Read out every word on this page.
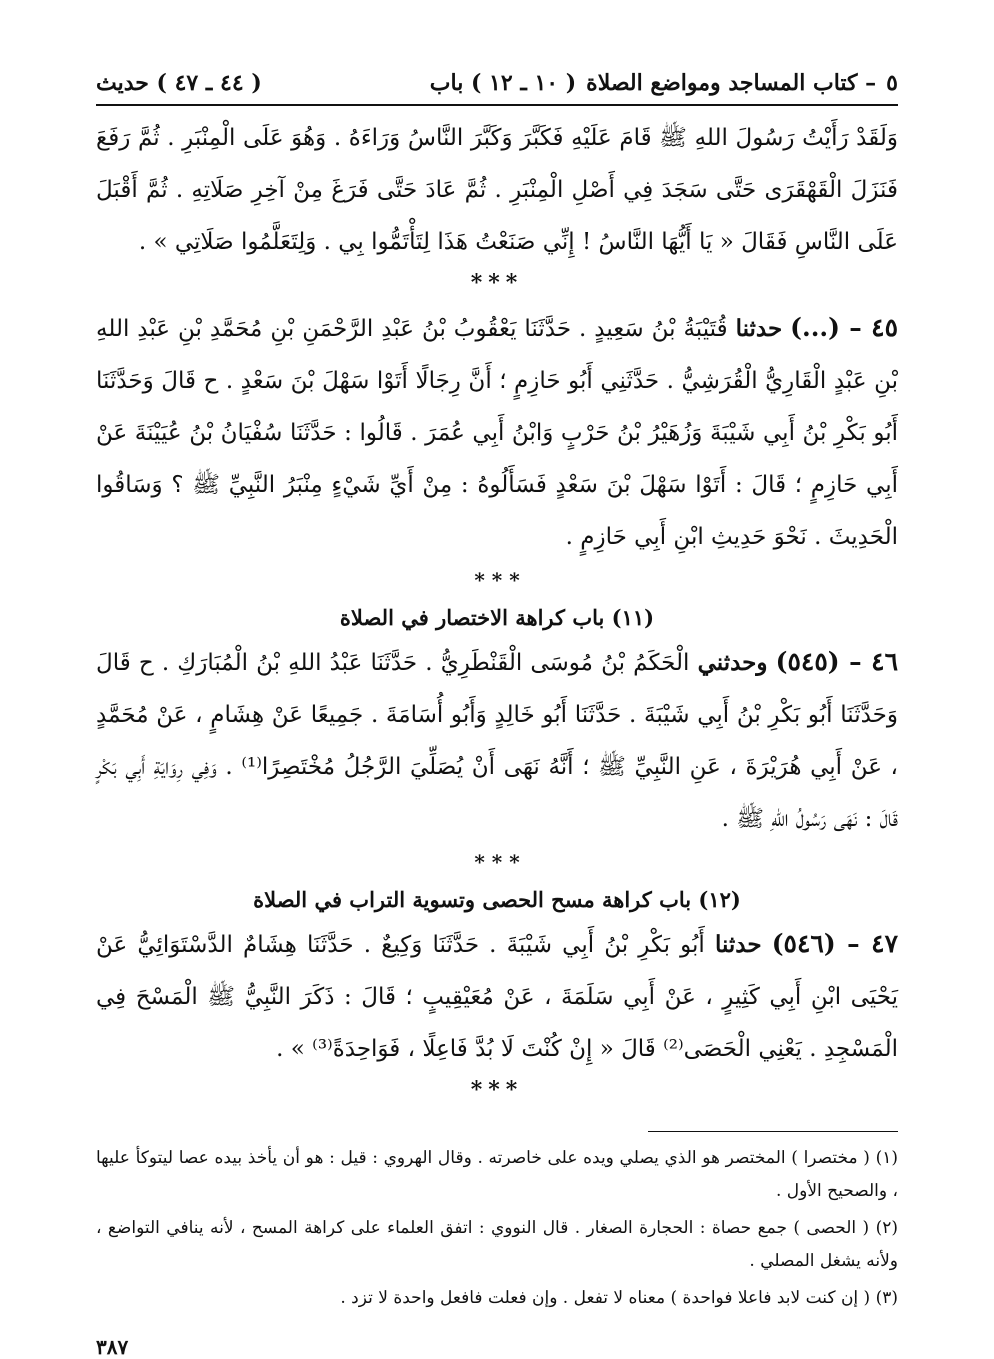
٥
– كتاب المساجد ومواضع الصلاة
( ١٠ ـ ١٢ ) باب
( ٤٤ ـ ٤٧ ) حديث

وَلَقَدْ رَأَيْتُ رَسُولَ اللهِ ﷺ قَامَ عَلَيْهِ فَكَبَّرَ وَكَبَّرَ النَّاسُ وَرَاءَهُ . وَهُوَ عَلَى الْمِنْبَرِ . ثُمَّ رَفَعَ فَنَزَلَ الْقَهْقَرَى حَتَّى سَجَدَ فِي أَصْلِ الْمِنْبَرِ . ثُمَّ عَادَ حَتَّى فَرَغَ مِنْ آخِرِ صَلَاتِهِ . ثُمَّ أَقْبَلَ عَلَى النَّاسِ فَقَالَ « يَا أَيُّهَا النَّاسُ ! إِنِّي صَنَعْتُ هَذَا لِتَأْتَمُّوا بِي . وَلِتَعَلَّمُوا صَلَاتِي » .

***

٤٥ – (...) حدثنا قُتَيْبَةُ بْنُ سَعِيدٍ . حَدَّثَنَا يَعْقُوبُ بْنُ عَبْدِ الرَّحْمَنِ بْنِ مُحَمَّدِ بْنِ عَبْدِ اللهِ بْنِ عَبْدٍ الْقَارِيُّ الْقُرَشِيُّ . حَدَّثَنِي أَبُو حَازِمٍ ؛ أَنَّ رِجَالًا أَتَوْا سَهْلَ بْنَ سَعْدٍ . ح قَالَ وَحَدَّثَنَا أَبُو بَكْرِ بْنُ أَبِي شَيْبَةَ وَزُهَيْرُ بْنُ حَرْبٍ وَابْنُ أَبِي عُمَرَ . قَالُوا : حَدَّثَنَا سُفْيَانُ بْنُ عُيَيْنَةَ عَنْ أَبِي حَازِمٍ ؛ قَالَ : أَتَوْا سَهْلَ بْنَ سَعْدٍ فَسَأَلُوهُ : مِنْ أَيِّ شَيْءٍ مِنْبَرُ النَّبِيِّ ﷺ ؟ وَسَاقُوا الْحَدِيثَ . نَحْوَ حَدِيثِ ابْنِ أَبِي حَازِمٍ .

* * *
(١١) باب كراهة الاختصار في الصلاة

٤٦ – (٥٤٥) وحدثني الْحَكَمُ بْنُ مُوسَى الْقَنْطَرِيُّ . حَدَّثَنَا عَبْدُ اللهِ بْنُ الْمُبَارَكِ . ح قَالَ وَحَدَّثَنَا أَبُو بَكْرِ بْنُ أَبِي شَيْبَةَ . حَدَّثَنَا أَبُو خَالِدٍ وَأَبُو أُسَامَةَ . جَمِيعًا عَنْ هِشَامٍ ، عَنْ مُحَمَّدٍ ، عَنْ أَبِي هُرَيْرَةَ ، عَنِ النَّبِيِّ ﷺ ؛ أَنَّهُ نَهَى أَنْ يُصَلِّيَ الرَّجُلُ مُخْتَصِرًا⁽¹⁾ . وَفِي رِوَايَةِ أَبِي بَكْرٍ قَالَ : نَهَى رَسُولُ اللهِ ﷺ .

* * *
(١٢) باب كراهة مسح الحصى وتسوية التراب في الصلاة

٤٧ – (٥٤٦) حدثنا أَبُو بَكْرِ بْنُ أَبِي شَيْبَةَ . حَدَّثَنَا وَكِيعٌ . حَدَّثَنَا هِشَامٌ الدَّسْتَوَائِيُّ عَنْ يَحْيَى ابْنِ أَبِي كَثِيرٍ ، عَنْ أَبِي سَلَمَةَ ، عَنْ مُعَيْقِيبٍ ؛ قَالَ : ذَكَرَ النَّبِيُّ ﷺ الْمَسْحَ فِي الْمَسْجِدِ . يَعْنِي الْحَصَى⁽²⁾ قَالَ « إِنْ كُنْتَ لَا بُدَّ فَاعِلًا ، فَوَاحِدَةً⁽³⁾ » .

***

(١) ( مختصرا ) المختصر هو الذي يصلي ويده على خاصرته . وقال الهروي : قيل : هو أن يأخذ بيده عصا ليتوكأ عليها ، والصحيح الأول .

(٢) ( الحصى ) جمع حصاة : الحجارة الصغار . قال النووي : اتفق العلماء على كراهة المسح ، لأنه ينافي التواضع ، ولأنه يشغل المصلي .

(٣) ( إن كنت لابد فاعلا فواحدة ) معناه لا تفعل . وإن فعلت فافعل واحدة لا تزد .

٣٨٧
